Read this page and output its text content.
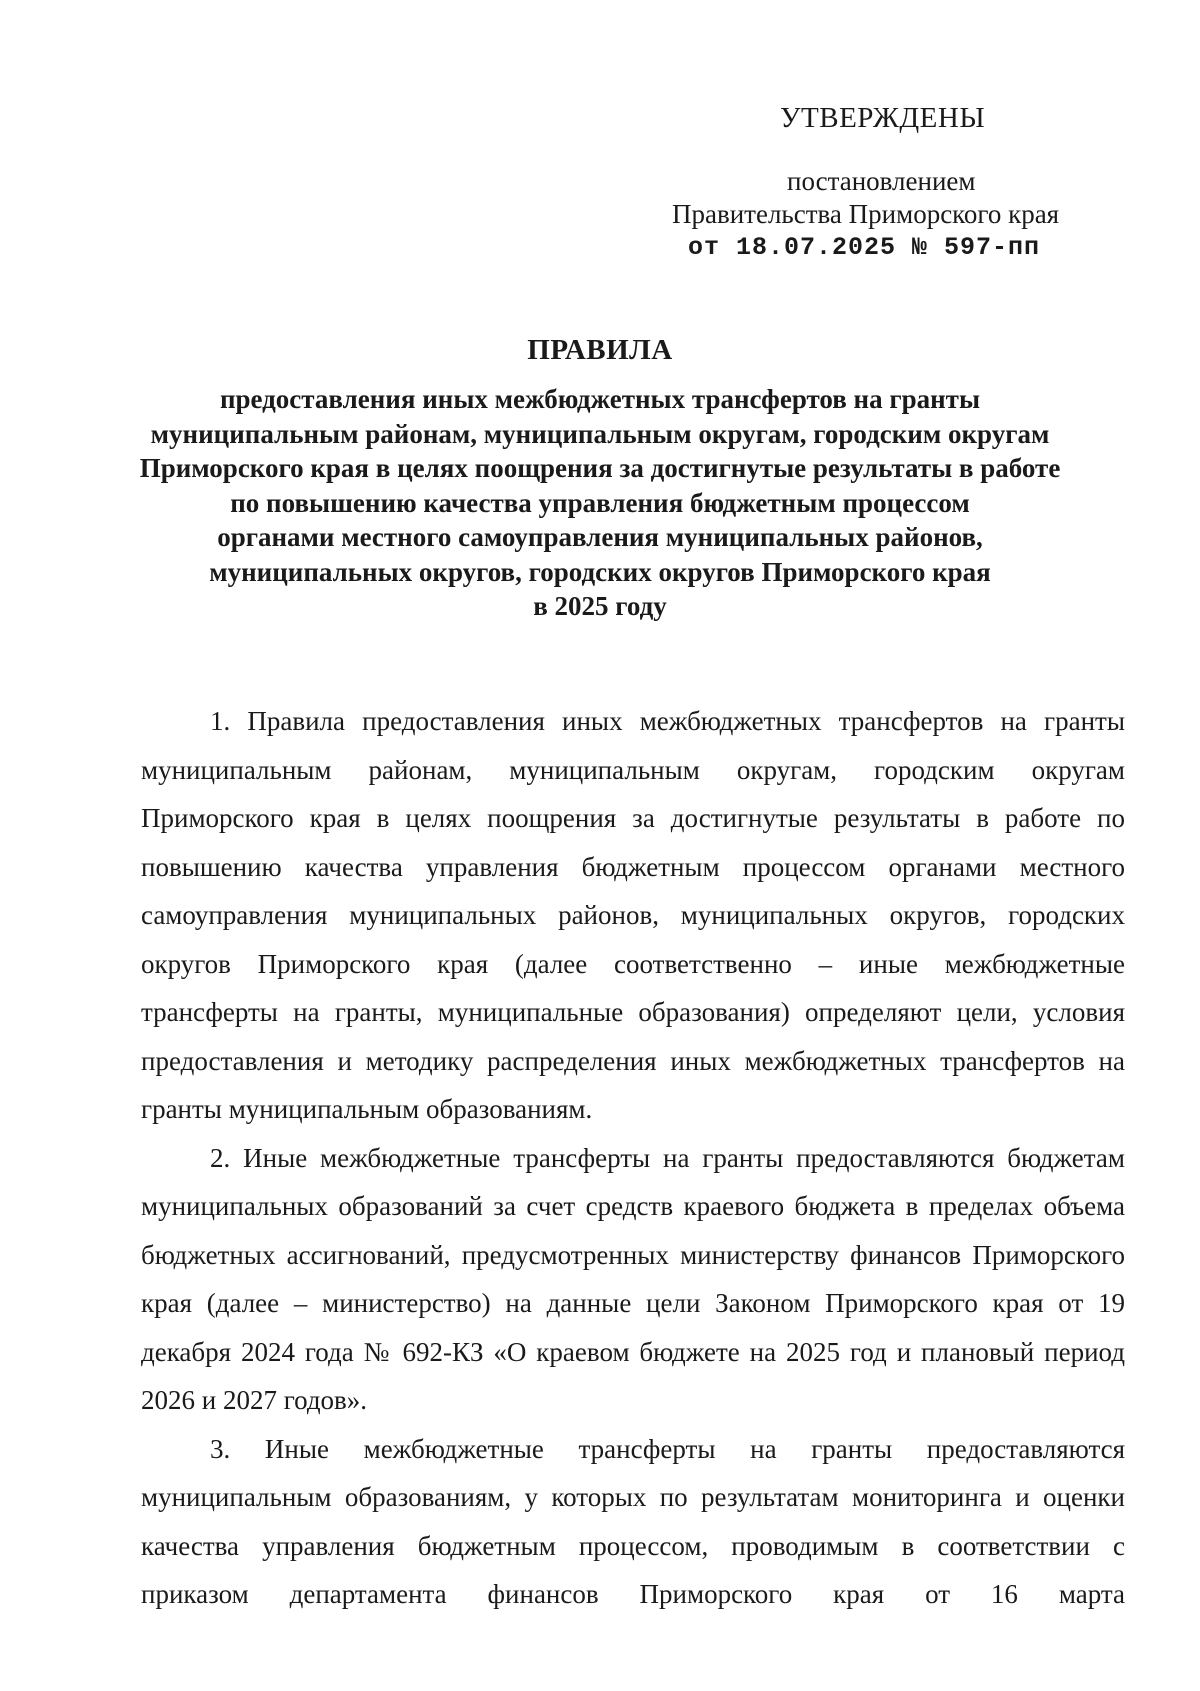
УТВЕРЖДЕНЫ
постановлением
Правительства Приморского края
от 18.07.2025 № 597-пп
ПРАВИЛА
предоставления иных межбюджетных трансфертов на гранты
муниципальным районам, муниципальным округам, городским округам
Приморского края в целях поощрения за достигнутые результаты в работе
по повышению качества управления бюджетным процессом
органами местного самоуправления муниципальных районов,
муниципальных округов, городских округов Приморского края
в 2025 году

1. Правила предоставления иных межбюджетных трансфертов на гранты муниципальным районам, муниципальным округам, городским округам Приморского края в целях поощрения за достигнутые результаты в работе по повышению качества управления бюджетным процессом органами местного самоуправления муниципальных районов, муниципальных округов, городских округов Приморского края (далее соответственно – иные межбюджетные трансферты на гранты, муниципальные образования) определяют цели, условия предоставления и методику распределения иных межбюджетных трансфертов на гранты муниципальным образованиям.

2. Иные межбюджетные трансферты на гранты предоставляются бюджетам муниципальных образований за счет средств краевого бюджета в пределах объема бюджетных ассигнований, предусмотренных министерству финансов Приморского края (далее – министерство) на данные цели Законом Приморского края от 19 декабря 2024 года № 692-КЗ «О краевом бюджете на 2025 год и плановый период 2026 и 2027 годов».

3. Иные межбюджетные трансферты на гранты предоставляются муниципальным образованиям, у которых по результатам мониторинга и оценки качества управления бюджетным процессом, проводимым в соответствии с приказом департамента финансов Приморского края от 16 марта
